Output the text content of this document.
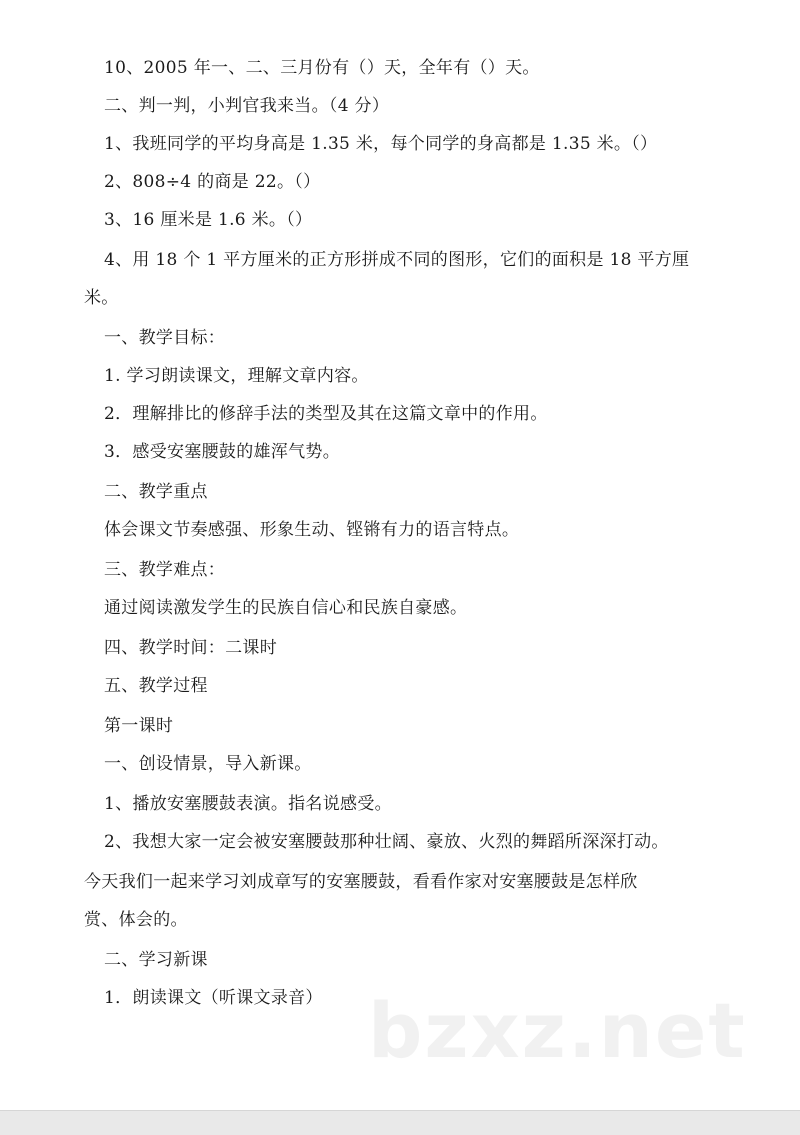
10、2005 年一、二、三月份有（）天，全年有（）天。
二、判一判，小判官我来当。（4 分）
1、我班同学的平均身高是 1.35 米，每个同学的身高都是 1.35 米。（）
2、808÷4 的商是 22。（）
3、16 厘米是 1.6 米。（）
4、用 18 个 1 平方厘米的正方形拼成不同的图形，它们的面积是 18 平方厘
米。
一、教学目标：
1. 学习朗读课文，理解文章内容。
2．理解排比的修辞手法的类型及其在这篇文章中的作用。
3．感受安塞腰鼓的雄浑气势。
二、教学重点
体会课文节奏感强、形象生动、铿锵有力的语言特点。
三、教学难点：
通过阅读激发学生的民族自信心和民族自豪感。
四、教学时间：二课时
五、教学过程
第一课时
一、创设情景，导入新课。
1、播放安塞腰鼓表演。指名说感受。
2、我想大家一定会被安塞腰鼓那种壮阔、豪放、火烈的舞蹈所深深打动。
今天我们一起来学习刘成章写的安塞腰鼓，看看作家对安塞腰鼓是怎样欣
赏、体会的。
二、学习新课
1．朗读课文（听课文录音） bzxz.net
